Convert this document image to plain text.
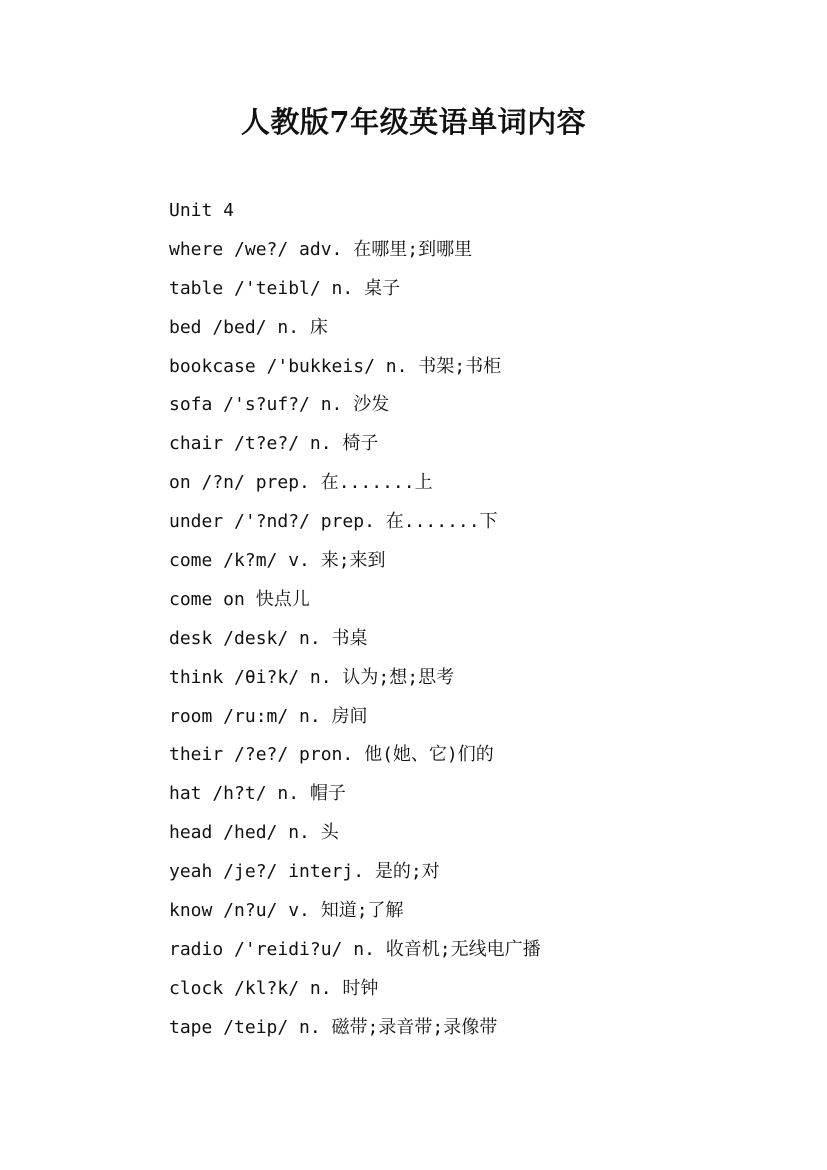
人教版7年级英语单词内容
Unit 4
where /we?/ adv. 在哪里;到哪里
table /'teibl/ n. 桌子
bed /bed/ n. 床
bookcase /'bukkeis/ n. 书架;书柜
sofa /'s?uf?/ n. 沙发
chair /t?e?/ n. 椅子
on /?n/ prep. 在.......上
under /'?nd?/ prep. 在.......下
come /k?m/ v. 来;来到
come on 快点儿
desk /desk/ n. 书桌
think /θi?k/ n. 认为;想;思考
room /ru:m/ n. 房间
their /?e?/ pron. 他(她、它)们的
hat /h?t/ n. 帽子
head /hed/ n. 头
yeah /je?/ interj. 是的;对
know /n?u/ v. 知道;了解
radio /'reidi?u/ n. 收音机;无线电广播
clock /kl?k/ n. 时钟
tape /teip/ n. 磁带;录音带;录像带
